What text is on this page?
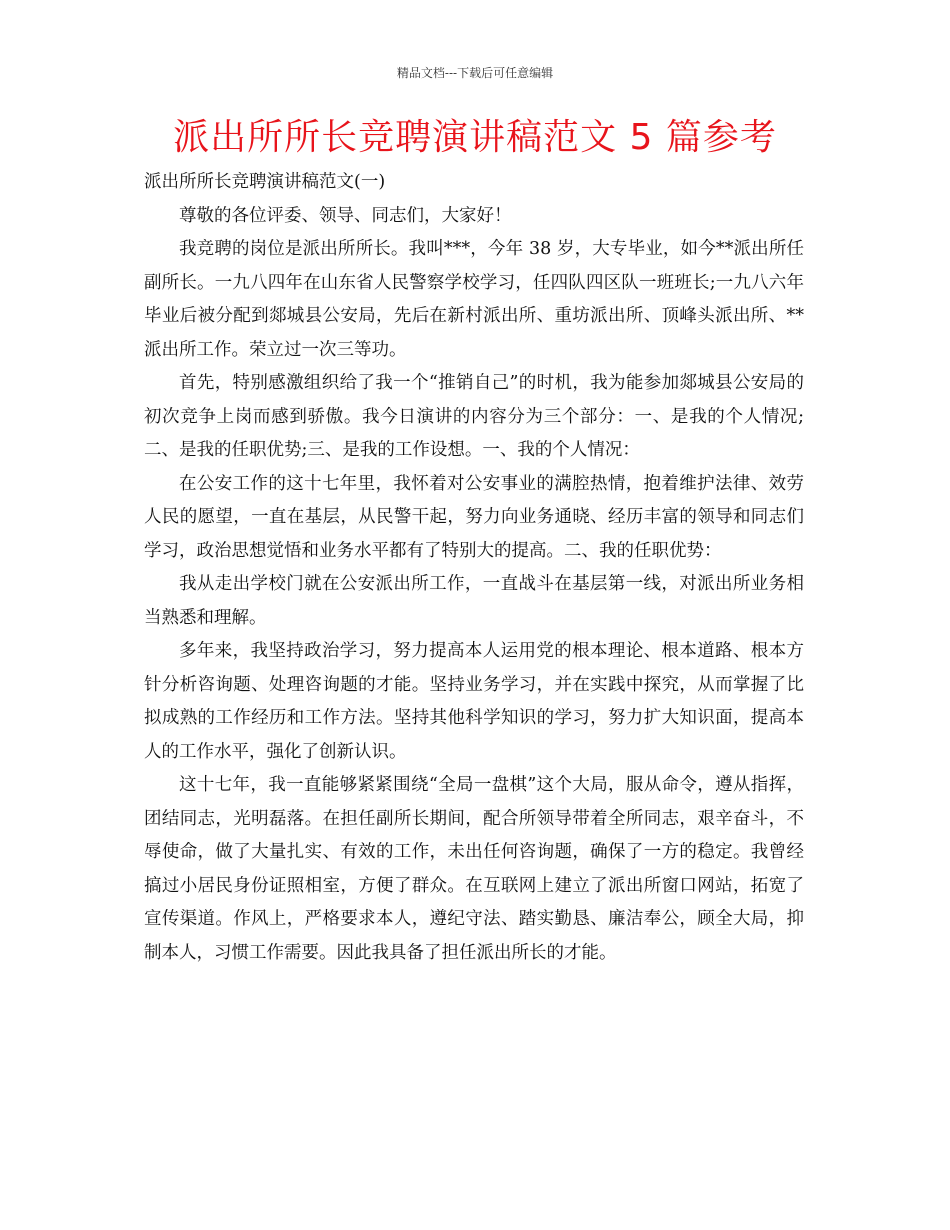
精品文档---下载后可任意编辑
派出所所长竞聘演讲稿范文 5 篇参考

派出所所长竞聘演讲稿范文(一)

尊敬的各位评委、领导、同志们，大家好！

我竞聘的岗位是派出所所长。我叫***，今年 38 岁，大专毕业，如今**派出所任副所长。一九八四年在山东省人民警察学校学习，任四队四区队一班班长;一九八六年毕业后被分配到郯城县公安局，先后在新村派出所、重坊派出所、顶峰头派出所、**派出所工作。荣立过一次三等功。

首先，特别感激组织给了我一个“推销自己”的时机，我为能参加郯城县公安局的初次竞争上岗而感到骄傲。我今日演讲的内容分为三个部分：一、是我的个人情况;二、是我的任职优势;三、是我的工作设想。一、我的个人情况：

在公安工作的这十七年里，我怀着对公安事业的满腔热情，抱着维护法律、效劳人民的愿望，一直在基层，从民警干起，努力向业务通晓、经历丰富的领导和同志们学习，政治思想觉悟和业务水平都有了特别大的提高。二、我的任职优势：

我从走出学校门就在公安派出所工作，一直战斗在基层第一线，对派出所业务相当熟悉和理解。

多年来，我坚持政治学习，努力提高本人运用党的根本理论、根本道路、根本方针分析咨询题、处理咨询题的才能。坚持业务学习，并在实践中探究，从而掌握了比拟成熟的工作经历和工作方法。坚持其他科学知识的学习，努力扩大知识面，提高本人的工作水平，强化了创新认识。

这十七年，我一直能够紧紧围绕“全局一盘棋”这个大局，服从命令，遵从指挥，团结同志，光明磊落。在担任副所长期间，配合所领导带着全所同志，艰辛奋斗，不辱使命，做了大量扎实、有效的工作，未出任何咨询题，确保了一方的稳定。我曾经搞过小居民身份证照相室，方便了群众。在互联网上建立了派出所窗口网站，拓宽了宣传渠道。作风上，严格要求本人，遵纪守法、踏实勤恳、廉洁奉公，顾全大局，抑制本人，习惯工作需要。因此我具备了担任派出所长的才能。
